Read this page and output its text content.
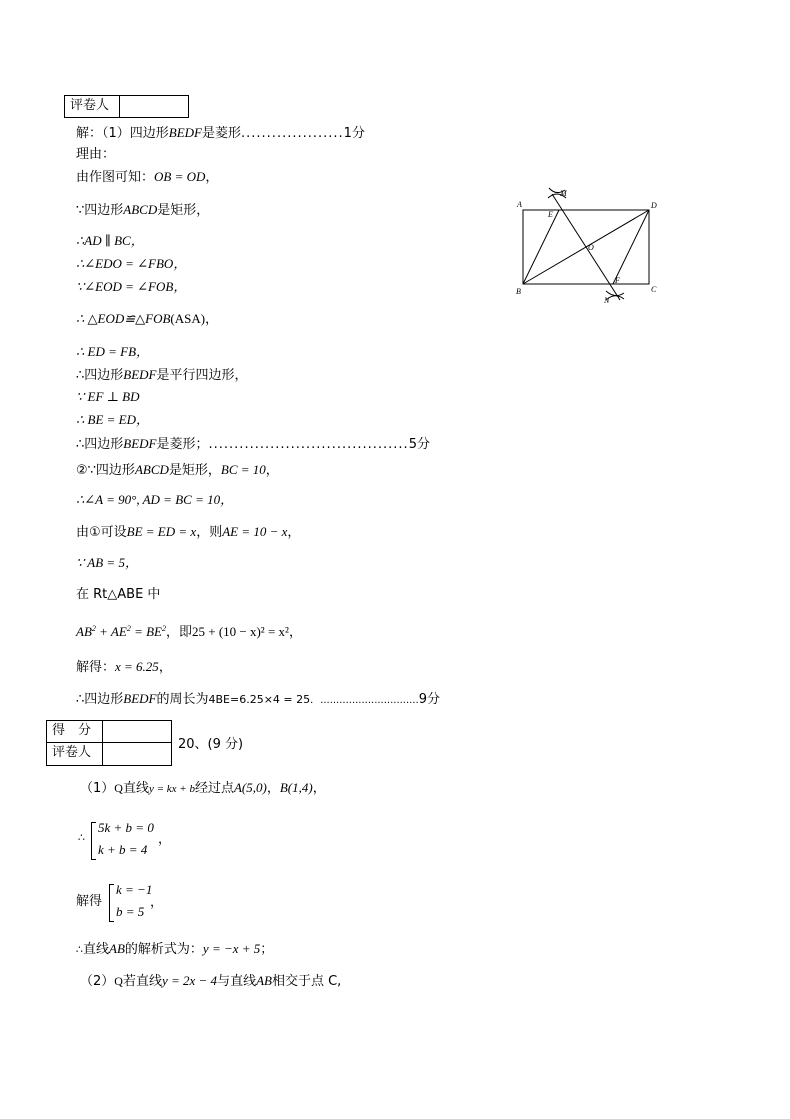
评卷人
解：（1）四边形BEDF是菱形....................1分
理由：
由作图可知：OB = OD，
∵四边形ABCD是矩形，
∴AD ∥ BC，
∴∠EDO = ∠FBO，
∵∠EOD = ∠FOB，
∴ △EOD≌△FOB(ASA)，
∴ ED = FB，
∴四边形BEDF是平行四边形，
∵ EF ⊥ BD
∴ BE = ED，
∴四边形BEDF是菱形；.......................................5分
②∵四边形ABCD是矩形，BC = 10，
∴∠A = 90°, AD = BC = 10，
由①可设BE = ED = x，则AE = 10 − x，
∵ AB = 5，
在 Rt△ABE 中
$AB^2 + AE^2 = BE^2$，即25 + (10 − x)² = x²，
解得：x = 6.25，
∴四边形BEDF的周长为4BE=6.25×4 = 25．...............................9分
得　分
评卷人
20、(9 分)
（1）Q直线y = kx + b经过点A(5,0)，B(1,4)，
∴
5k + b = 0
k + b = 4
，
解得
k = −1
b = 5
，
∴直线AB的解析式为：y = −x + 5；
（2）Q若直线y = 2x − 4与直线AB相交于点 C,
A
B	C
D
E
F
O
M
N
